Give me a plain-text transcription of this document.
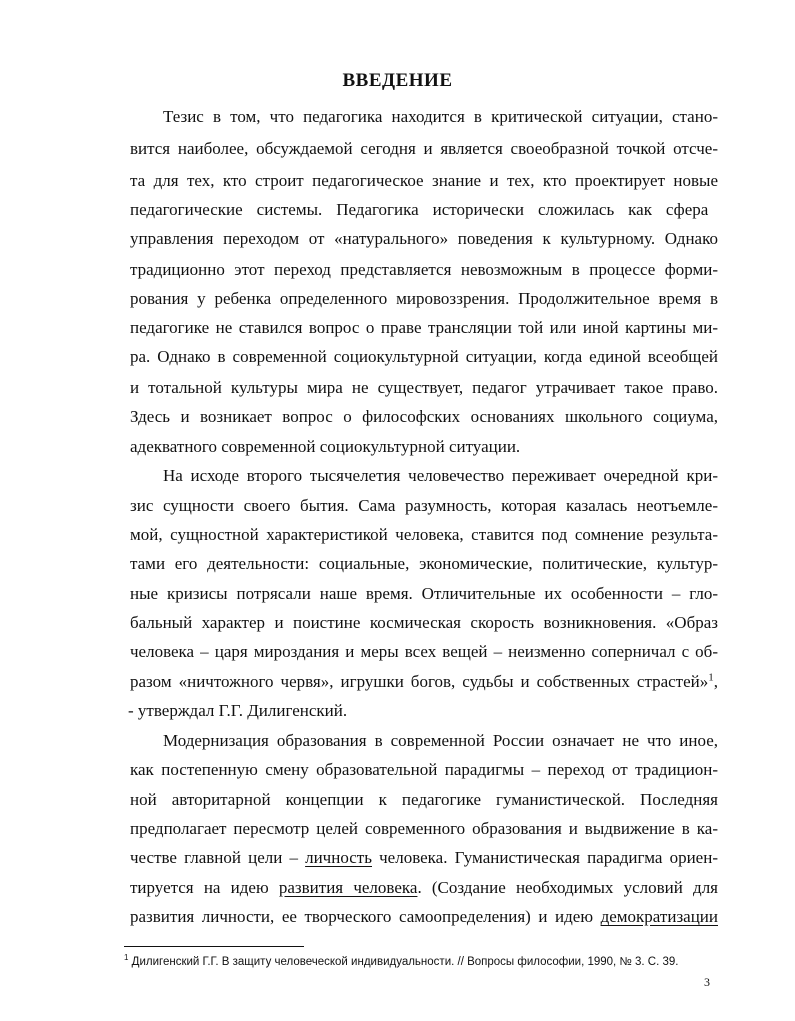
ВВЕДЕНИЕ
Тезис в том, что педагогика находится в критической ситуации, стано-
вится наиболее, обсуждаемой сегодня и является своеобразной точкой отсче-
та для тех, кто строит педагогическое знание и тех, кто проектирует новые
педагогические системы. Педагогика исторически сложилась как сфера
управления переходом от «натурального» поведения к культурному. Однако
традиционно этот переход представляется невозможным в процессе форми-
рования у ребенка определенного мировоззрения. Продолжительное время в
педагогике не ставился вопрос о праве трансляции той или иной картины ми-
ра. Однако в современной социокультурной ситуации, когда единой всеобщей
и тотальной культуры мира не существует, педагог утрачивает такое право.
Здесь и возникает вопрос о философских основаниях школьного социума,
адекватного современной социокультурной ситуации.
На исходе второго тысячелетия человечество переживает очередной кри-
зис сущности своего бытия. Сама разумность, которая казалась неотъемле-
мой, сущностной характеристикой человека, ставится под сомнение результа-
тами его деятельности: социальные, экономические, политические, культур-
ные кризисы потрясали наше время. Отличительные их особенности – гло-
бальный характер и поистине космическая скорость возникновения. «Образ
человека – царя мироздания и меры всех вещей – неизменно соперничал с об-
разом «ничтожного червя», игрушки богов, судьбы и собственных страстей»$^1$,
- утверждал Г.Г. Дилигенский.
Модернизация образования в современной России означает не что иное,
как постепенную смену образовательной парадигмы – переход от традицион-
ной авторитарной концепции к педагогике гуманистической. Последняя
предполагает пересмотр целей современного образования и выдвижение в ка-
честве главной цели – личность человека. Гуманистическая парадигма ориен-
тируется на идею развития человека. (Создание необходимых условий для
развития личности, ее творческого самоопределения) и идею демократизации
$^1$ Дилигенский Г.Г. В защиту человеческой индивидуальности. // Вопросы философии, 1990, № 3. С. 39.
3
